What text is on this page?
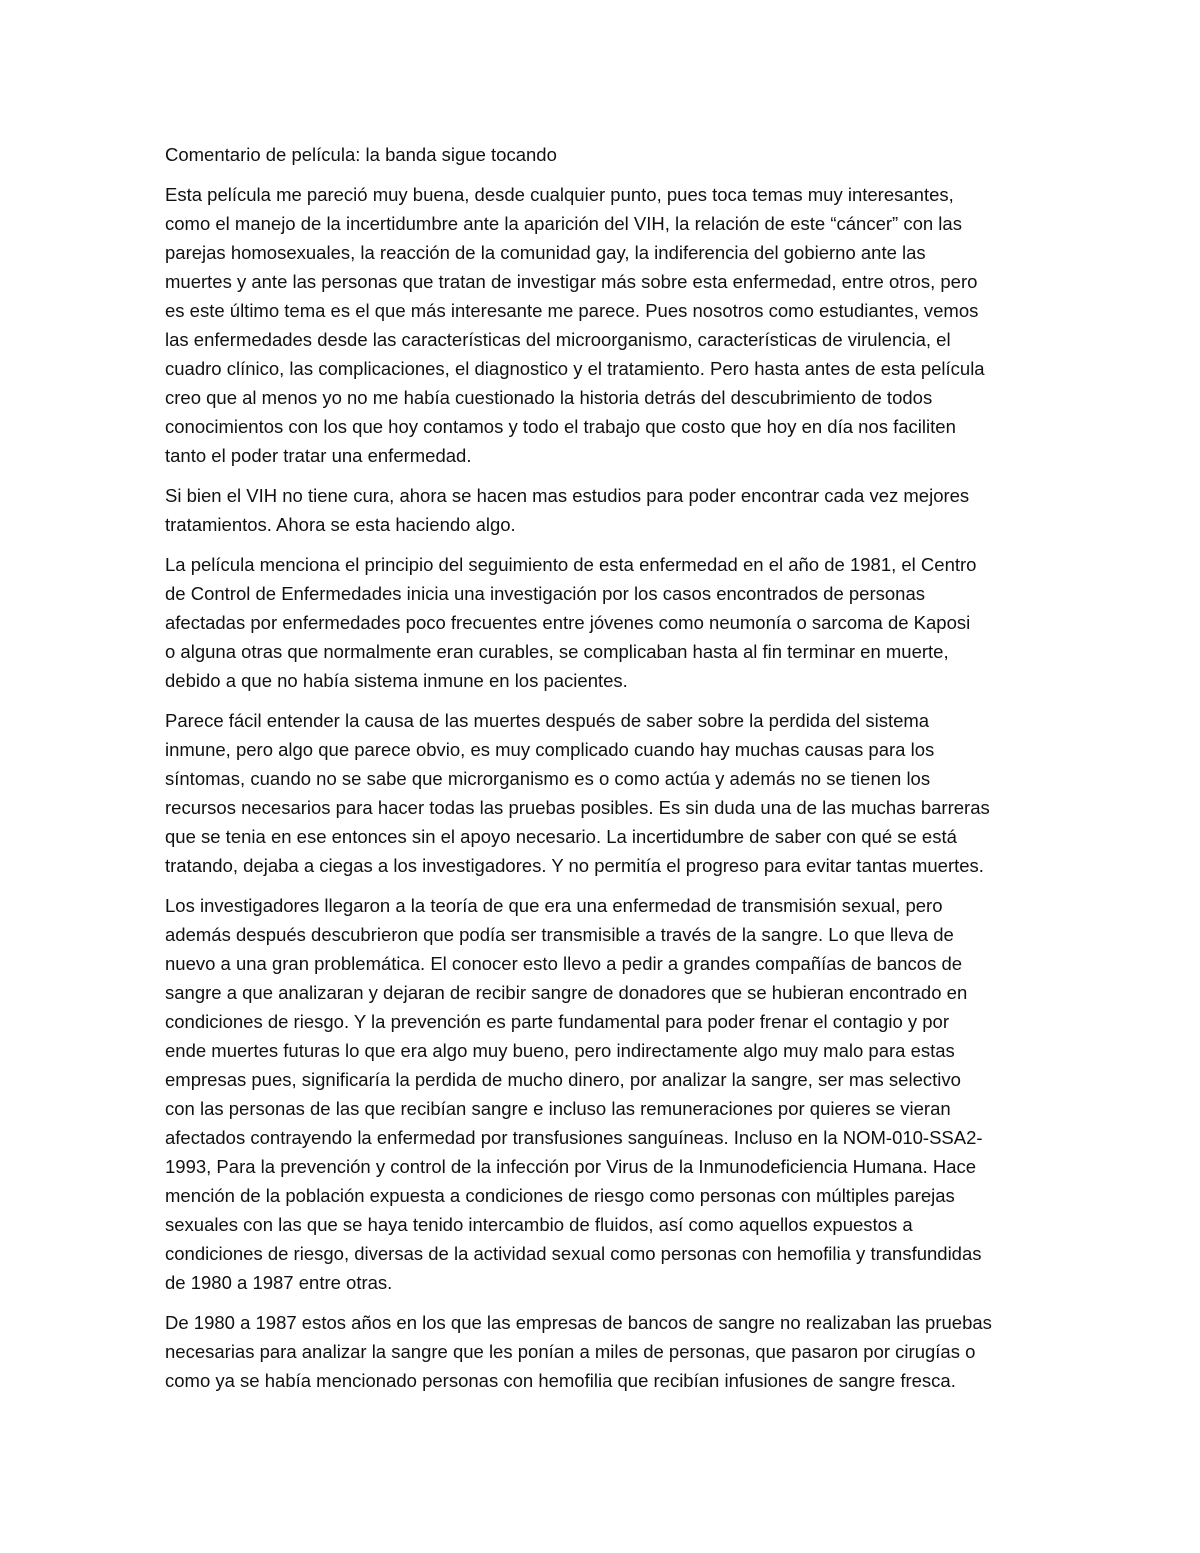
Comentario de película: la banda sigue tocando
Esta película me pareció muy buena, desde cualquier punto, pues toca temas muy interesantes,
como el manejo de la incertidumbre ante la aparición del VIH, la relación de este “cáncer” con las
parejas homosexuales, la reacción de la comunidad gay, la indiferencia del gobierno ante las
muertes y ante las personas que tratan de investigar más sobre esta enfermedad, entre otros, pero
es este último tema es el que más interesante me parece. Pues nosotros como estudiantes, vemos
las enfermedades desde las características del microorganismo, características de virulencia, el
cuadro clínico, las complicaciones, el diagnostico y el tratamiento. Pero hasta antes de esta película
creo que al menos yo no me había cuestionado la historia detrás del descubrimiento de todos
conocimientos con los que hoy contamos y todo el trabajo que costo que hoy en día nos faciliten
tanto el poder tratar una enfermedad.
Si bien el VIH no tiene cura, ahora se hacen mas estudios para poder encontrar cada vez mejores
tratamientos. Ahora se esta haciendo algo.
La película menciona el principio del seguimiento de esta enfermedad en el año de 1981, el Centro
de Control de Enfermedades inicia una investigación por los casos encontrados de personas
afectadas por enfermedades poco frecuentes entre jóvenes como neumonía o sarcoma de Kaposi
o alguna otras que normalmente eran curables, se complicaban hasta al fin terminar en muerte,
debido a que no había sistema inmune en los pacientes.
Parece fácil entender la causa de las muertes después de saber sobre la perdida del sistema
inmune, pero algo que parece obvio, es muy complicado cuando hay muchas causas para los
síntomas, cuando no se sabe que microrganismo es o como actúa y además no se tienen los
recursos necesarios para hacer todas las pruebas posibles. Es sin duda una de las muchas barreras
que se tenia en ese entonces sin el apoyo necesario. La incertidumbre de saber con qué se está
tratando, dejaba a ciegas a los investigadores. Y no permitía el progreso para evitar tantas muertes.
Los investigadores llegaron a la teoría de que era una enfermedad de transmisión sexual, pero
además después descubrieron que podía ser transmisible a través de la sangre. Lo que lleva de
nuevo a una gran problemática. El conocer esto llevo a pedir a grandes compañías de bancos de
sangre a que analizaran y dejaran de recibir sangre de donadores que se hubieran encontrado en
condiciones de riesgo. Y la prevención es parte fundamental para poder frenar el contagio y por
ende muertes futuras lo que era algo muy bueno, pero indirectamente algo muy malo para estas
empresas pues, significaría la perdida de mucho dinero, por analizar la sangre, ser mas selectivo
con las personas de las que recibían sangre e incluso las remuneraciones por quieres se vieran
afectados contrayendo la enfermedad por transfusiones sanguíneas. Incluso en la NOM-010-SSA2-
1993, Para la prevención y control de la infección por Virus de la Inmunodeficiencia Humana. Hace
mención de la población expuesta a condiciones de riesgo como personas con múltiples parejas
sexuales con las que se haya tenido intercambio de fluidos, así como aquellos expuestos a
condiciones de riesgo, diversas de la actividad sexual como personas con hemofilia y transfundidas
de 1980 a 1987 entre otras.
De 1980 a 1987 estos años en los que las empresas de bancos de sangre no realizaban las pruebas
necesarias para analizar la sangre que les ponían a miles de personas, que pasaron por cirugías o
como ya se había mencionado personas con hemofilia que recibían infusiones de sangre fresca.
